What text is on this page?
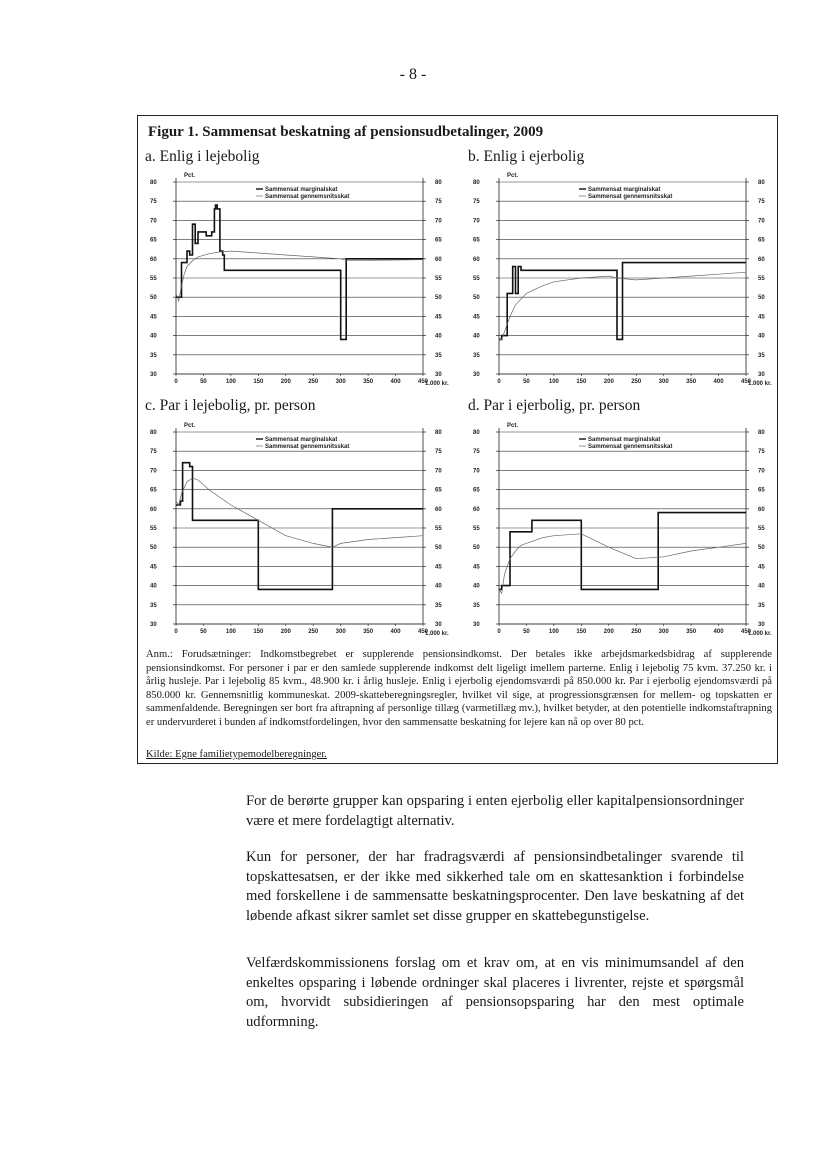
- 8 -
Figur 1. Sammensat beskatning af pensionsudbetalinger, 2009
a. Enlig i lejebolig	b. Enlig i ejerbolig
c. Par i lejebolig, pr. person	d. Par i ejerbolig, pr. person
30	30
35	35
40	40
45	45
50	50
55	55
60	60
65	65
70	70
75	75
80	80
0	50	100	150	200	250	300	350	400	450
1.000 kr.
Pct.
Sammensat marginalskat
Sammensat gennemsnitsskat
30	30
35	35
40	40
45	45
50	50
55	55
60	60
65	65
70	70
75	75
80	80
0	50	100	150	200	250	300	350	400	450
1.000 kr.
Pct.
Sammensat marginalskat
Sammensat gennemsnitsskat
30	30
35	35
40	40
45	45
50	50
55	55
60	60
65	65
70	70
75	75
80	80
0	50	100	150	200	250	300	350	400	450
1.000 kr.
Pct.
Sammensat marginalskat
Sammensat gennemsnitsskat
30	30
35	35
40	40
45	45
50	50
55	55
60	60
65	65
70	70
75	75
80	80
0	50	100	150	200	250	300	350	400	450
1.000 kr.
Pct.
Sammensat marginalskat
Sammensat gennemsnitsskat
Anm.: Forudsætninger: Indkomstbegrebet er supplerende pensionsindkomst. Der betales ikke arbejdsmarkedsbidrag af supplerende pensionsindkomst. For personer i par er den samlede supplerende indkomst delt ligeligt imellem parterne. Enlig i lejebolig 75 kvm. 37.250 kr. i årlig husleje. Par i lejebolig 85 kvm., 48.900 kr. i årlig husleje. Enlig i ejerbolig ejendomsværdi på 850.000 kr. Par i ejerbolig ejendomsværdi på 850.000 kr. Gennemsnitlig kommuneskat. 2009-skatteberegningsregler, hvilket vil sige, at progressionsgrænsen for mellem- og topskatten er sammenfaldende. Beregningen ser bort fra aftrapning af personlige tillæg (varmetillæg mv.), hvilket betyder, at den potentielle indkomstaftrapning er undervurderet i bunden af indkomstfordelingen, hvor den sammensatte beskatning for lejere kan nå op over 80 pct.
Kilde: Egne familietypemodelberegninger.
For de berørte grupper kan opsparing i enten ejerbolig eller kapitalpensionsordninger være et mere fordelagtigt alternativ.
Kun for personer, der har fradragsværdi af pensionsindbetalinger svarende til topskattesatsen, er der ikke med sikkerhed tale om en skattesanktion i forbindelse med forskellene i de sammensatte beskatningsprocenter. Den lave beskatning af det løbende afkast sikrer samlet set disse grupper en skattebegunstigelse.
Velfærdskommissionens forslag om et krav om, at en vis minimumsandel af den enkeltes opsparing i løbende ordninger skal placeres i livrenter, rejste et spørgsmål om, hvorvidt subsidieringen af pensionsopsparing har den mest optimale udformning.
